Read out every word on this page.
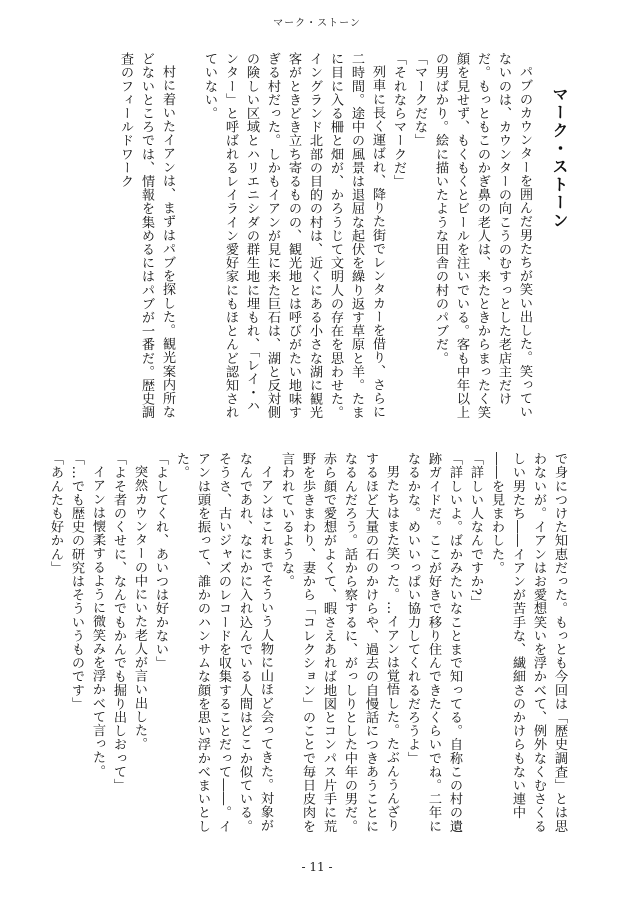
マーク・ストーン

マーク・ストーン

パブのカウンターを囲んだ男たちが笑い出した。笑っていないのは、カウンターの向こうのむすっとした老店主だけだ。もっともこのかぎ鼻の老人は、来たときからまったく笑顔を見せず、もくもくとビールを注いでいる。客も中年以上の男ばかり。絵に描いたような田舎の村のパブだ。

「マークだな」

「それならマークだ」

列車に長く運ばれ、降りた街でレンタカーを借り、さらに二時間。途中の風景は退屈な起伏を繰り返す草原と羊。たまに目に入る柵と畑が、かろうじて文明人の存在を思わせた。イングランド北部の目的の村は、近くにある小さな湖に観光客がときどき立ち寄るものの、観光地とは呼びがたい地味すぎる村だった。しかもイアンが見に来た巨石は、湖と反対側の険しい区域とハリエニシダの群生地に埋もれ、「レイ・ハンター」と呼ばれるレイライン愛好家にもほとんど認知されていない。

村に着いたイアンは、まずはパブを探した。観光案内所などないところでは、情報を集めるにはパブが一番だ。歴史調査のフィールドワーク

で身につけた知恵だった。もっとも今回は「歴史調査」とは思わないが。イアンはお愛想笑いを浮かべて、例外なくむさくるしい男たち――イアンが苦手な、繊細さのかけらもない連中――を見まわした。

「詳しい人なんですか?」

「詳しいよ。ばかみたいなことまで知ってる。自称この村の遺跡ガイドだ。ここが好きで移り住んできたくらいでね。二年になるかな。めいいっぱい協力してくれるだろうよ」

男たちはまた笑った。…イアンは覚悟した。たぶんうんざりするほど大量の石のかけらや、過去の自慢話につきあうことになるんだろう。話から察するに、がっしりとした中年の男だ。赤ら顔で愛想がよくて、暇さえあれば地図とコンパス片手に荒野を歩きまわり、妻から「コレクション」のことで毎日皮肉を言われているような。

イアンはこれまでそういう人物に山ほど会ってきた。対象がなんであれ、なにかに入れ込んでいる人間はどこか似ている。そうさ、古いジャズのレコードを収集することだって――。イアンは頭を振って、誰かのハンサムな顔を思い浮かべまいとした。

「よしてくれ、あいつは好かない」

突然カウンターの中にいた老人が言い出した。

「よそ者のくせに、なんでもかんでも掘り出しおって」

イアンは懐柔するように微笑みを浮かべて言った。

「…でも歴史の研究はそういうものです」

「あんたも好かん」

- 11 -
